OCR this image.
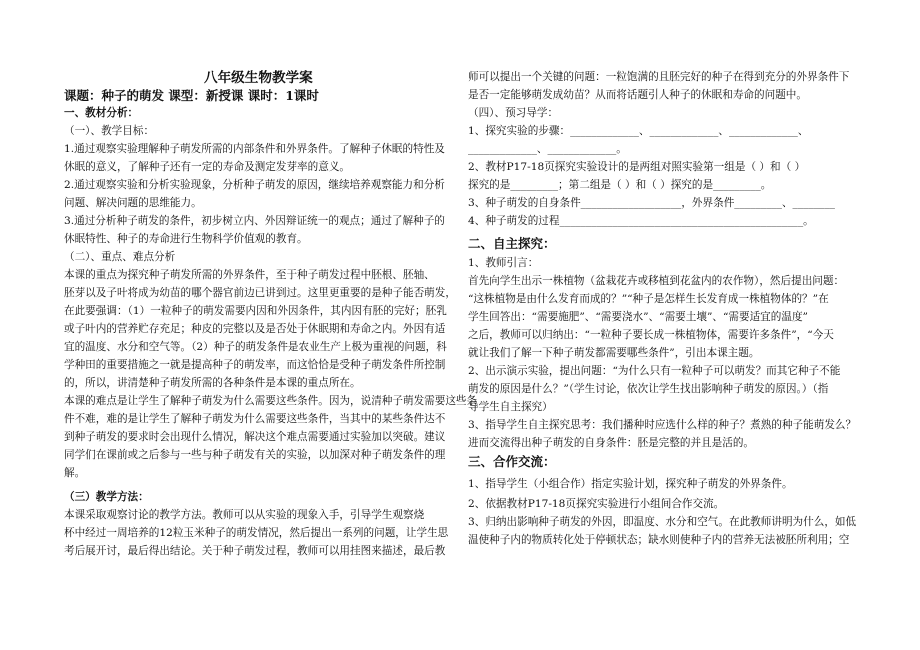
八年级生物教学案
课题：种子的萌发 课型：新授课 课时：1课时
一、教材分析：
（一）、教学目标：
1.通过观察实验理解种子萌发所需的内部条件和外界条件。了解种子休眠的特性及
休眠的意义，了解种子还有一定的寿命及测定发芽率的意义。
2.通过观察实验和分析实验现象，分析种子萌发的原因，继续培养观察能力和分析
问题、解决问题的思维能力。
3.通过分析种子萌发的条件，初步树立内、外因辩证统一的观点；通过了解种子的
休眠特性、种子的寿命进行生物科学价值观的教育。
（二）、重点、难点分析
本课的重点为探究种子萌发所需的外界条件，至于种子萌发过程中胚根、胚轴、
胚芽以及子叶将成为幼苗的哪个器官前边已讲到过。这里更重要的是种子能否萌发，
在此要强调：（1）一粒种子的萌发需要内因和外因条件，其内因有胚的完好；胚乳
或子叶内的营养贮存充足；种皮的完整以及是否处于休眠期和寿命之内。外因有适
宜的温度、水分和空气等。（2）种子的萌发条件是农业生产上极为重视的问题，科
学种田的重要措施之一就是提高种子的萌发率，而这恰恰是受种子萌发条件所控制
的，所以，讲清楚种子萌发所需的各种条件是本课的重点所在。
本课的难点是让学生了解种子萌发为什么需要这些条件。因为，说清种子萌发需要这些条
件不难，难的是让学生了解种子萌发为什么需要这些条件，当其中的某些条件达不
到种子萌发的要求时会出现什么情况，解决这个难点需要通过实验加以突破。建议
同学们在课前或之后参与一些与种子萌发有关的实验，以加深对种子萌发条件的理
解。
（三）教学方法：
本课采取观察讨论的教学方法。教师可以从实验的现象入手，引导学生观察烧
杯中经过一周培养的12粒玉米种子的萌发情况，然后提出一系列的问题，让学生思
考后展开讨，最后得出结论。关于种子萌发过程，教师可以用挂图来描述，最后教
师可以提出一个关键的问题：一粒饱满的且胚完好的种子在得到充分的外界条件下
是否一定能够萌发成幼苗？从而将话题引人种子的休眠和寿命的问题中。
（四）、预习导学：
1、探究实验的步骤：_____________、_____________、_____________、
_____________、_____________。
2、教材P17-18页探究实验设计的是两组对照实验第一组是（ ）和（ ）
探究的是_________；第二组是（ ）和（ ）探究的是_________。
3、种子萌发的自身条件___________________，外界条件_________、________
4、种子萌发的过程______________________________________________。
二、自主探究：
1、教师引言：
首先向学生出示一株植物（盆栽花卉或移植到花盆内的农作物），然后提出问题：
“这株植物是由什么发育而成的？”“种子是怎样生长发育成一株植物体的？”在
学生回答出：“需要施肥”、“需要浇水”、“需要土壤”、“需要适宜的温度”
之后，教师可以归纳出：“一粒种子要长成一株植物体，需要许多条件”，“今天
就让我们了解一下种子萌发都需要哪些条件”，引出本课主题。
2、出示演示实验，提出问题：“为什么只有一粒种子可以萌发？而其它种子不能
萌发的原因是什么？”（学生讨论，依次让学生找出影响种子萌发的原因。）（指
导学生自主探究）
3、指导学生自主探究思考：我们播种时应选什么样的种子？煮熟的种子能萌发么？
进而交流得出种子萌发的自身条件：胚是完整的并且是活的。
三、合作交流：
1、指导学生（小组合作）指定实验计划，探究种子萌发的外界条件。
2、依据教材P17-18页探究实验进行小组间合作交流。
3、归纳出影响种子萌发的外因，即温度、水分和空气。在此教师讲明为什么，如低
温使种子内的物质转化处于停顿状态；缺水则使种子内的营养无法被胚所利用；空
